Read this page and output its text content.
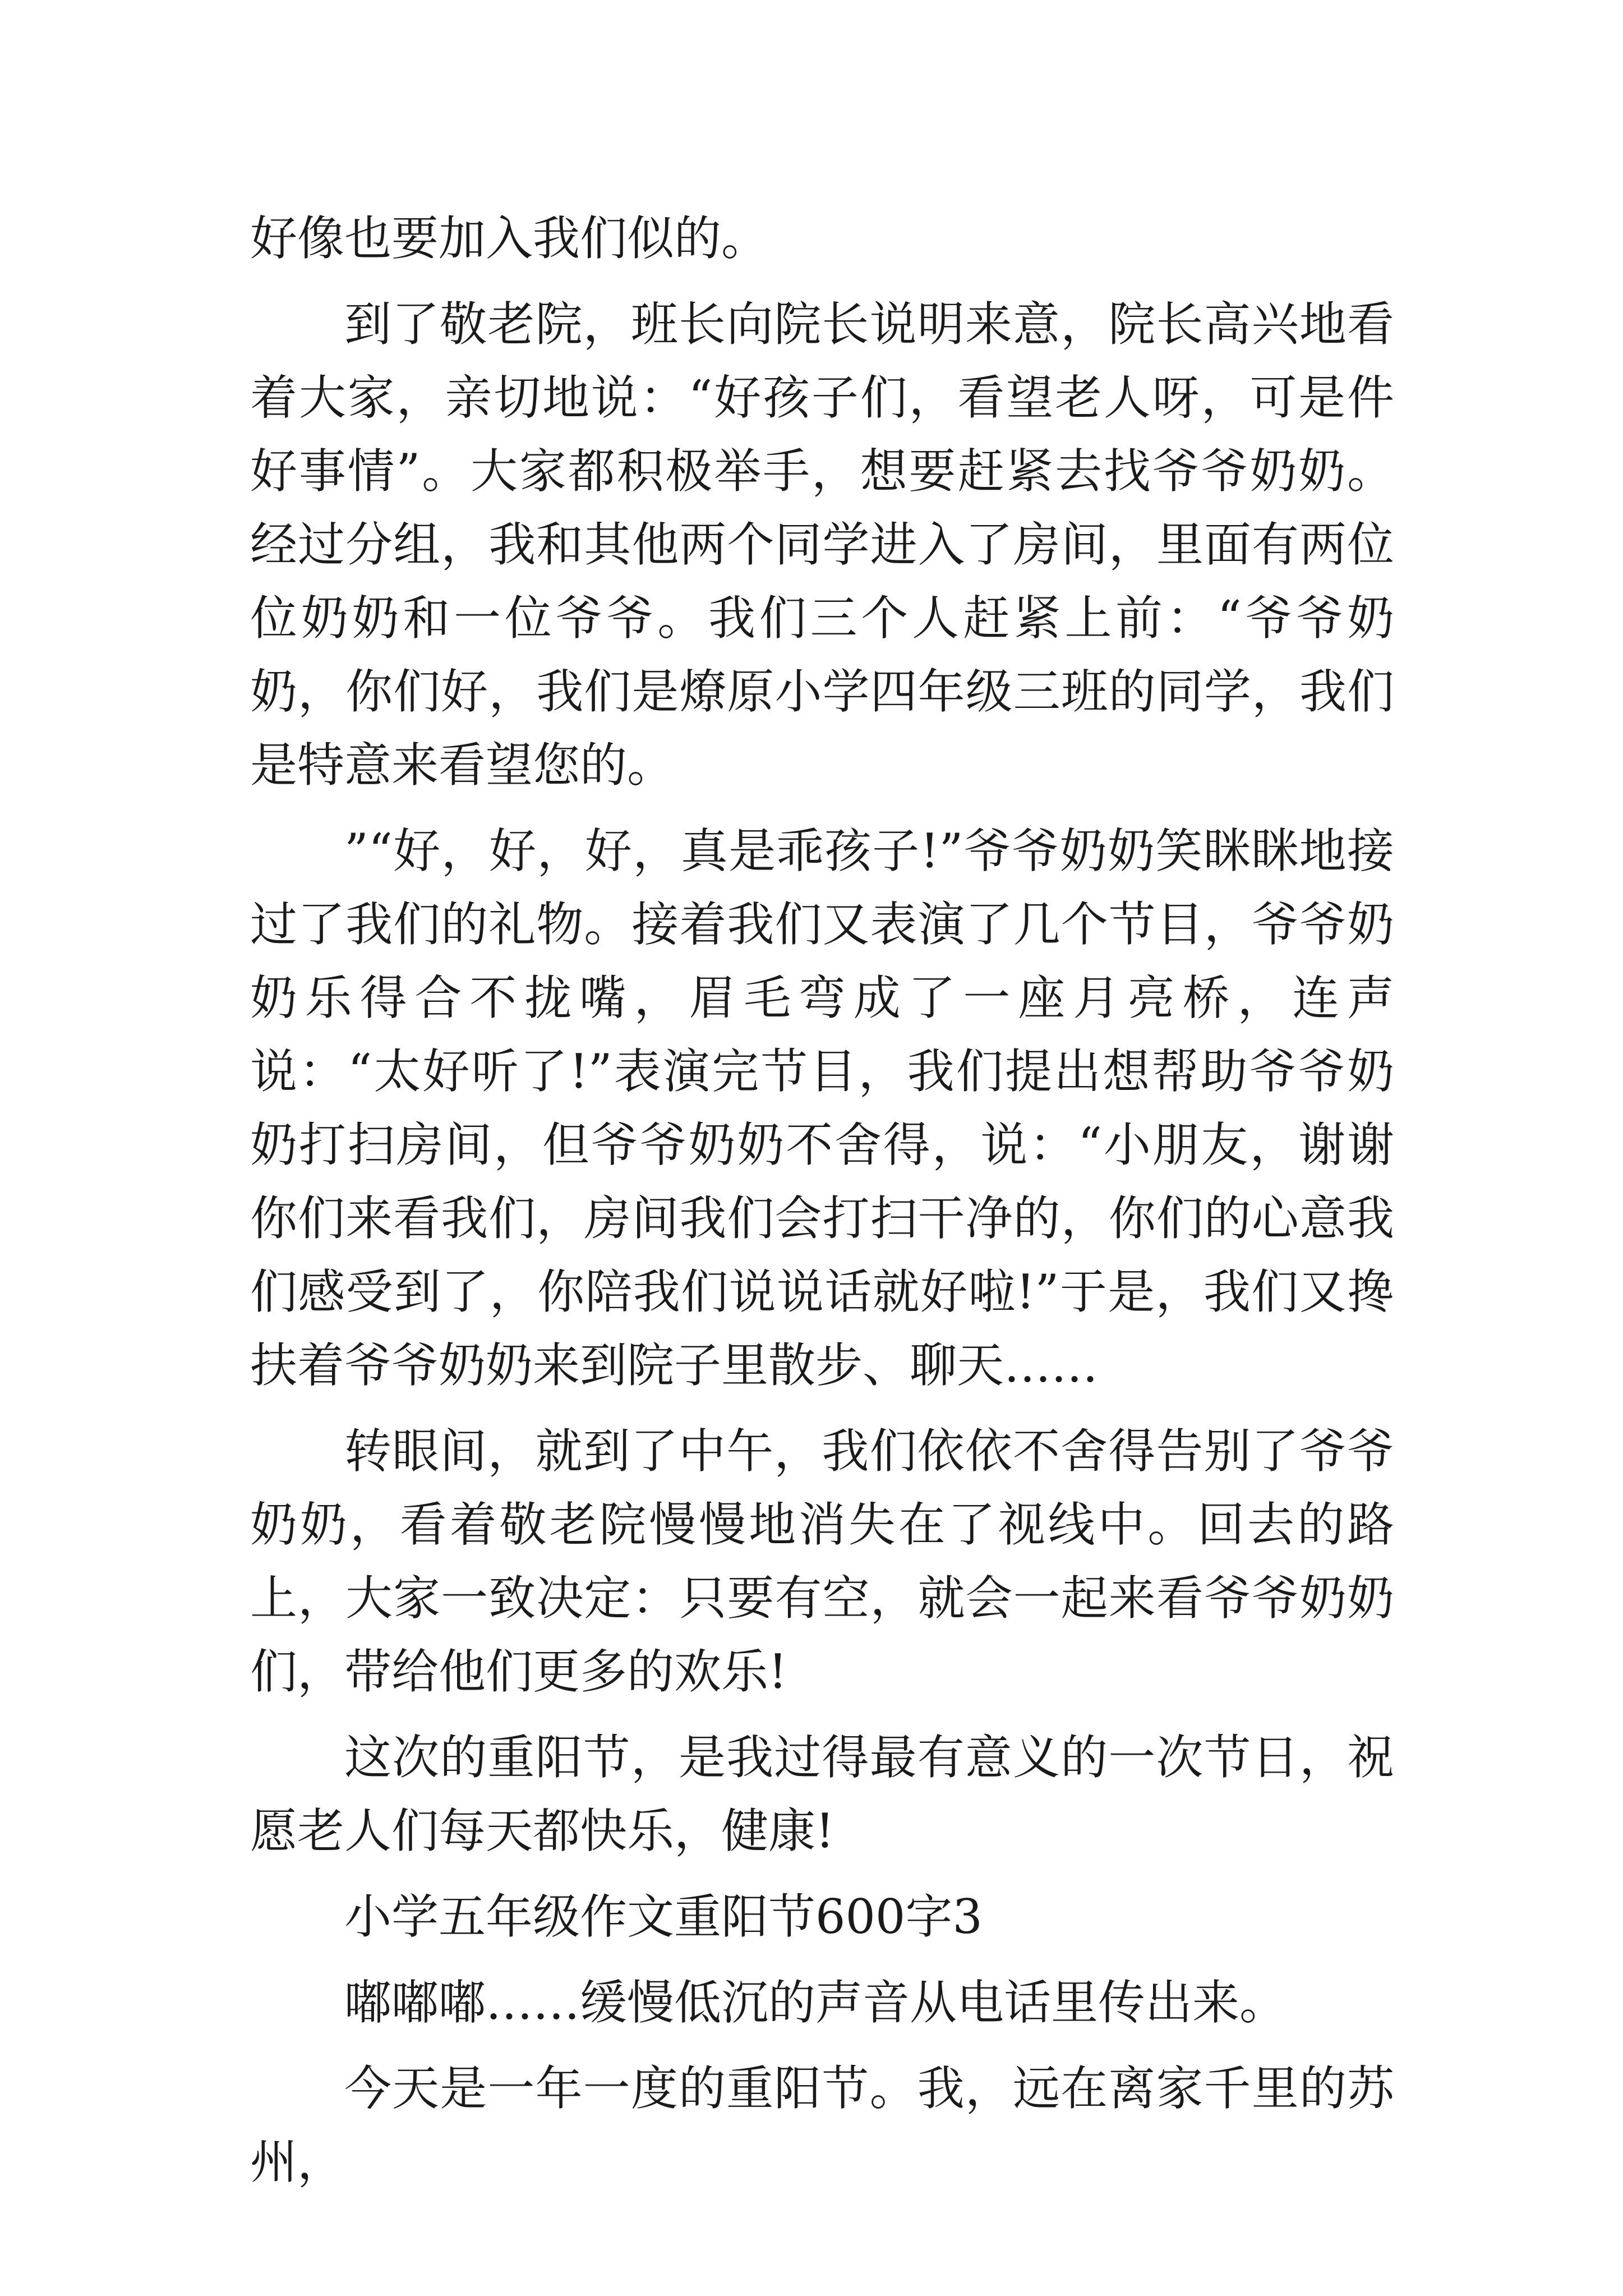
好像也要加入我们似的。

到了敬老院，班长向院长说明来意，院长高兴地看着大家，亲切地说：“好孩子们，看望老人呀，可是件好事情”。大家都积极举手，想要赶紧去找爷爷奶奶。经过分组，我和其他两个同学进入了房间，里面有两位位奶奶和一位爷爷。我们三个人赶紧上前：“爷爷奶奶，你们好，我们是燎原小学四年级三班的同学，我们是特意来看望您的。

”“好，好，好，真是乖孩子!”爷爷奶奶笑眯眯地接过了我们的礼物。接着我们又表演了几个节目，爷爷奶奶乐得合不拢嘴，眉毛弯成了一座月亮桥，连声说：“太好听了!”表演完节目，我们提出想帮助爷爷奶奶打扫房间，但爷爷奶奶不舍得，说：“小朋友，谢谢你们来看我们，房间我们会打扫干净的，你们的心意我们感受到了，你陪我们说说话就好啦!”于是，我们又搀扶着爷爷奶奶来到院子里散步、聊天……

转眼间，就到了中午，我们依依不舍得告别了爷爷奶奶，看着敬老院慢慢地消失在了视线中。回去的路上，大家一致决定：只要有空，就会一起来看爷爷奶奶们，带给他们更多的欢乐!

这次的重阳节，是我过得最有意义的一次节日，祝愿老人们每天都快乐，健康!

小学五年级作文重阳节600字3

嘟嘟嘟……缓慢低沉的声音从电话里传出来。

今天是一年一度的重阳节。我，远在离家千里的苏州，
